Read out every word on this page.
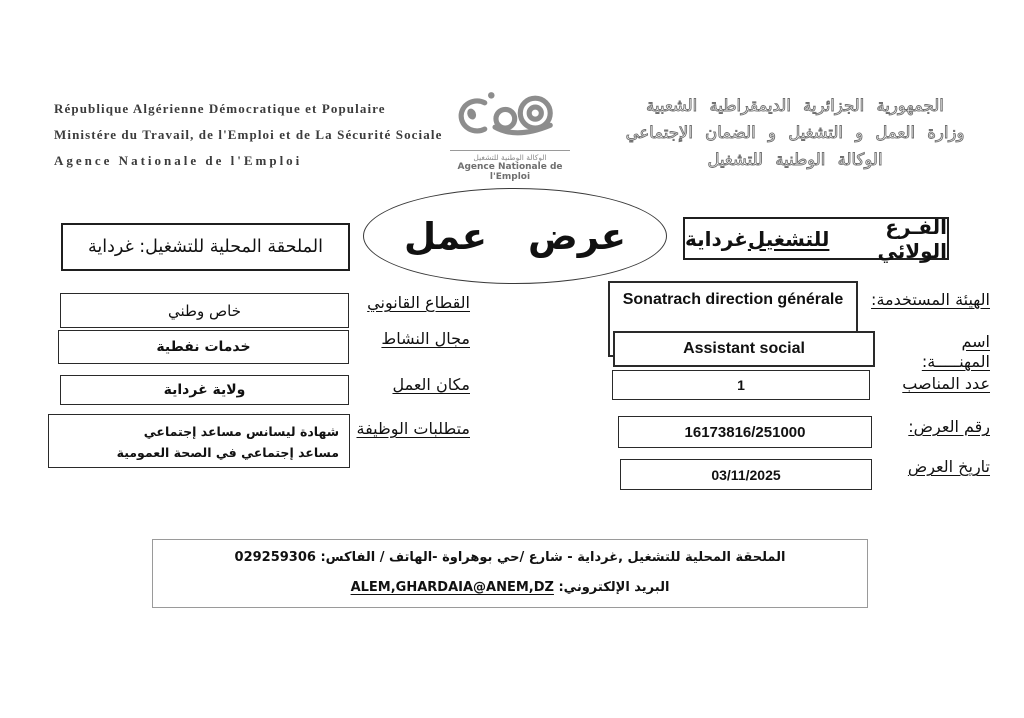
République Algérienne Démocratique et Populaire
Ministére du Travail, de l'Emploi et de La Sécurité Sociale
Agence Nationale de l'Emploi	الوكالة الوطنية للتشغيل
Agence Nationale de l'Emploi
الجمهورية الجزائرية الديمقراطية الشعبية
وزارة العمل و التشغيل و الضمان الإجتماعي
الوكالة الوطنية للتشغيل
عرض عمل	الفـرع الولائي
للتشغيل
غرداية
الملحقة المحلية للتشغيل: غرداية
الهيئة المستخدمة:
Sonatrach direction générale
اسم
المهنـــــة:
Assistant social
عدد المناصب
1
رقم العرض:
16173816/251000
تاريخ العرض
03/11/2025
القطاع القانوني
خاص وطني
مجال النشاط
خدمات نفطية
مكان العمل
ولاية غرداية
متطلبات الوظيفة
شهادة ليسانس مساعد إجتماعي
مساعد إجتماعي في الصحة العمومية
الملحقة المحلية للتشغيل ,غرداية - شارع /حي بوهراوة -الهاتف / الفاكس: 029259306
البريد الإلكتروني: ALEM,GHARDAIA@ANEM,DZ
